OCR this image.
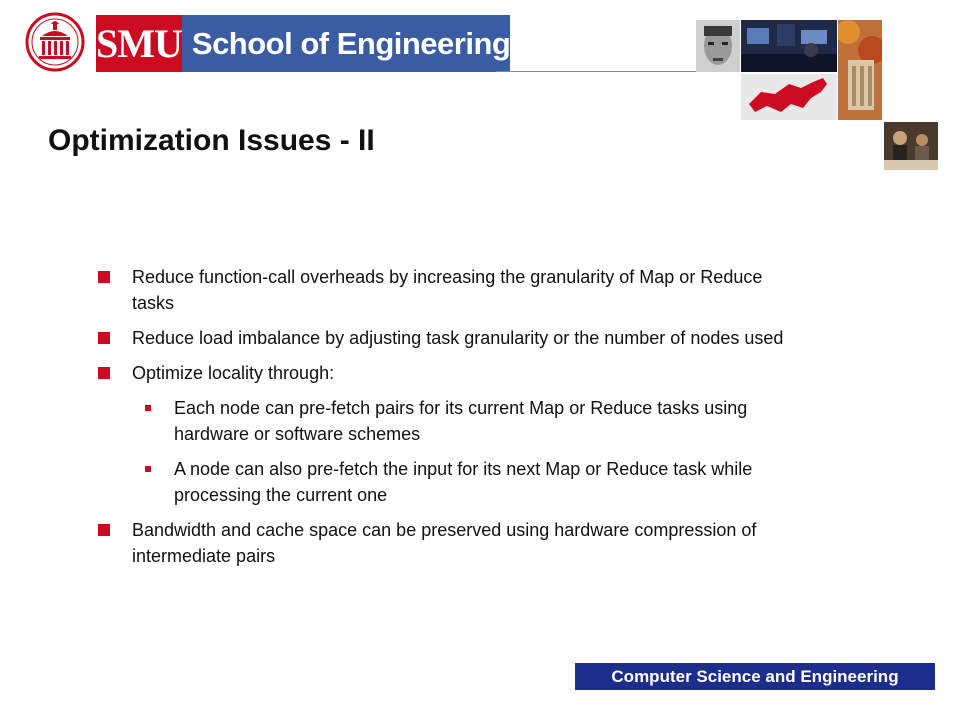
SMU School of Engineering
Optimization Issues - II
Reduce function-call overheads by increasing the granularity of Map or Reduce tasks
Reduce load imbalance by adjusting task granularity or the number of nodes used
Optimize locality through:
Each node can pre-fetch pairs for its current Map or Reduce tasks using hardware or software schemes
A node can also pre-fetch the input for its next Map or Reduce task while processing the current one
Bandwidth and cache space can be preserved using hardware compression of intermediate pairs
Computer Science and Engineering
